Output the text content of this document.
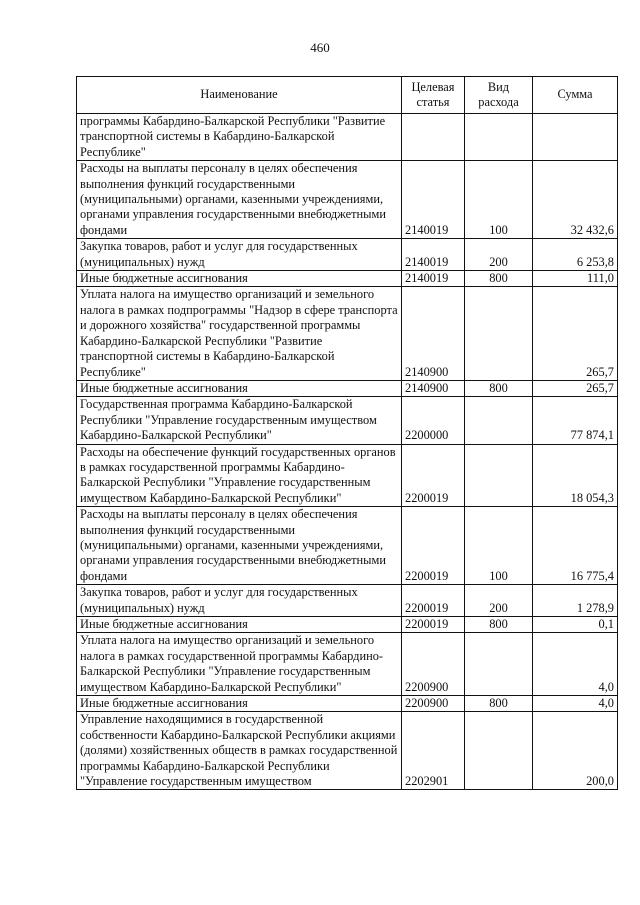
460
Наименование	Целевая статья	Вид расхода	Сумма
программы Кабардино-Балкарской Республики "Развитие транспортной системы в Кабардино-Балкарской Республике"			
Расходы на выплаты персоналу в целях обеспечения выполнения функций государственными (муниципальными) органами, казенными учреждениями, органами управления государственными внебюджетными фондами	2140019	100	32 432,6
Закупка товаров, работ и услуг для государственных (муниципальных) нужд	2140019	200	6 253,8
Иные бюджетные ассигнования	2140019	800	111,0
Уплата налога на имущество организаций и земельного налога в рамках подпрограммы "Надзор в сфере транспорта и дорожного хозяйства" государственной программы Кабардино-Балкарской Республики "Развитие транспортной системы в Кабардино-Балкарской Республике"	2140900		265,7
Иные бюджетные ассигнования	2140900	800	265,7
Государственная программа Кабардино-Балкарской Республики "Управление государственным имуществом Кабардино-Балкарской Республики"	2200000		77 874,1
Расходы на обеспечение функций государственных органов в рамках государственной программы Кабардино-Балкарской Республики "Управление государственным имуществом Кабардино-Балкарской Республики"	2200019		18 054,3
Расходы на выплаты персоналу в целях обеспечения выполнения функций государственными (муниципальными) органами, казенными учреждениями, органами управления государственными внебюджетными фондами	2200019	100	16 775,4
Закупка товаров, работ и услуг для государственных (муниципальных) нужд	2200019	200	1 278,9
Иные бюджетные ассигнования	2200019	800	0,1
Уплата налога на имущество организаций и земельного налога в рамках государственной программы Кабардино-Балкарской Республики "Управление государственным имуществом Кабардино-Балкарской Республики"	2200900		4,0
Иные бюджетные ассигнования	2200900	800	4,0
Управление находящимися в государственной собственности Кабардино-Балкарской Республики акциями (долями) хозяйственных обществ в рамках государственной программы Кабардино-Балкарской Республики "Управление государственным имуществом	2202901		200,0
